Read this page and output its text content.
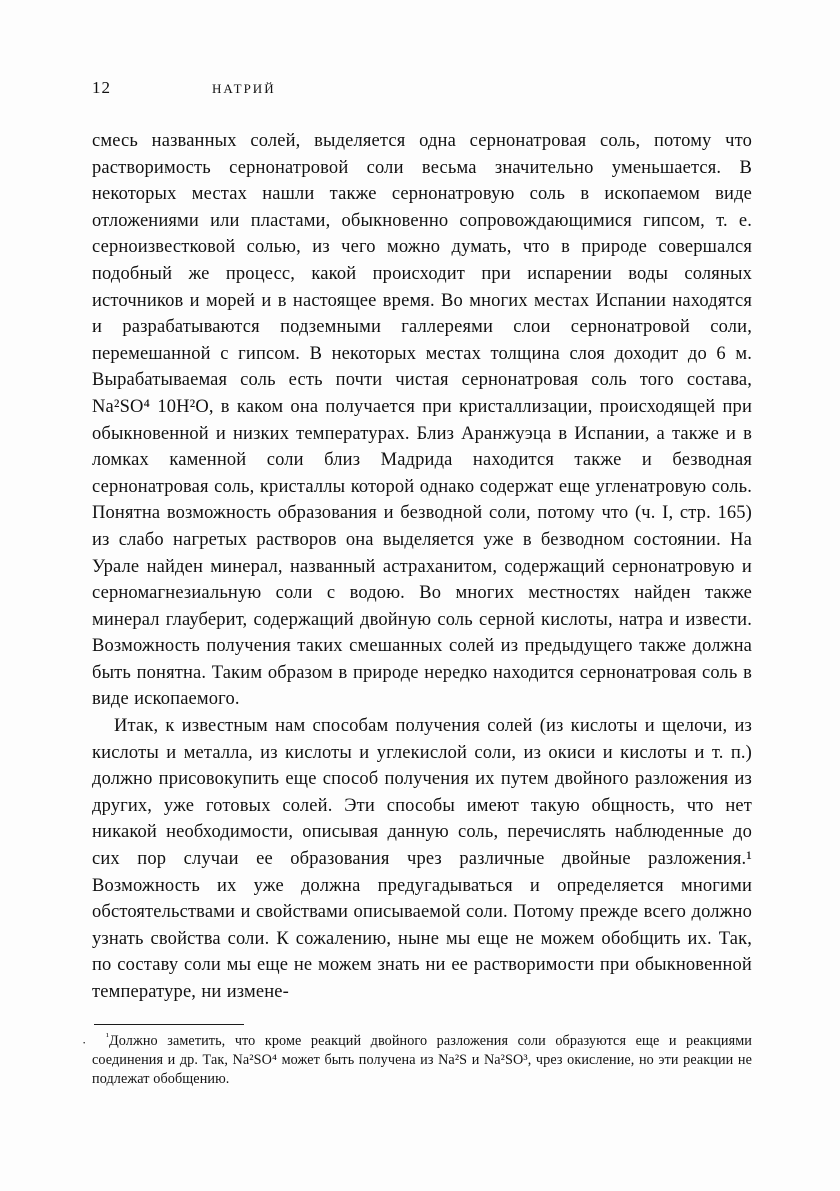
12	НАТРИЙ

смесь названных солей, выделяется одна сернонатровая соль, потому что растворимость сернонатровой соли весьма значительно уменьшается. В некоторых местах нашли также сернонатровую соль в ископаемом виде отложениями или пластами, обыкновенно сопровождающимися гипсом, т. е. серноизвестковой солью, из чего можно думать, что в природе совершался подобный же процесс, какой происходит при испарении воды соляных источников и морей и в настоящее время. Во многих местах Испании находятся и разрабатываются подземными галлереями слои сернонатровой соли, перемешанной с гипсом. В некоторых местах толщина слоя доходит до 6 м. Вырабатываемая соль есть почти чистая сернонатровая соль того состава, Na²SO⁴ 10H²O, в каком она получается при кристаллизации, происходящей при обыкновенной и низких температурах. Близ Аранжуэца в Испании, а также и в ломках каменной соли близ Мадрида находится также и безводная сернонатровая соль, кристаллы которой однако содержат еще угленатровую соль. Понятна возможность образования и безводной соли, потому что (ч. I, стр. 165) из слабо нагретых растворов она выделяется уже в безводном состоянии. На Урале найден минерал, названный астраханитом, содержащий сернонатровую и серномагнезиальную соли с водою. Во многих местностях найден также минерал глауберит, содержащий двойную соль серной кислоты, натра и извести. Возможность получения таких смешанных солей из предыдущего также должна быть понятна. Таким образом в природе нередко находится сернонатровая соль в виде ископаемого.

Итак, к известным нам способам получения солей (из кислоты и щелочи, из кислоты и металла, из кислоты и углекислой соли, из окиси и кислоты и т. п.) должно присовокупить еще способ получения их путем двойного разложения из других, уже готовых солей. Эти способы имеют такую общность, что нет никакой необходимости, описывая данную соль, перечислять наблюденные до сих пор случаи ее образования чрез различные двойные разложения.¹ Возможность их уже должна предугадываться и определяется многими обстоятельствами и свойствами описываемой соли. Потому прежде всего должно узнать свойства соли. К сожалению, ныне мы еще не можем обобщить их. Так, по составу соли мы еще не можем знать ни ее растворимости при обыкновенной температуре, ни измене-

· $^{^1}$Должно заметить, что кроме реакций двойного разложения соли образуются еще и реакциями соединения и др. Так, Na²SO⁴ может быть получена из Na²S и Na²SO³, чрез окисление, но эти реакции не подлежат обобщению.
